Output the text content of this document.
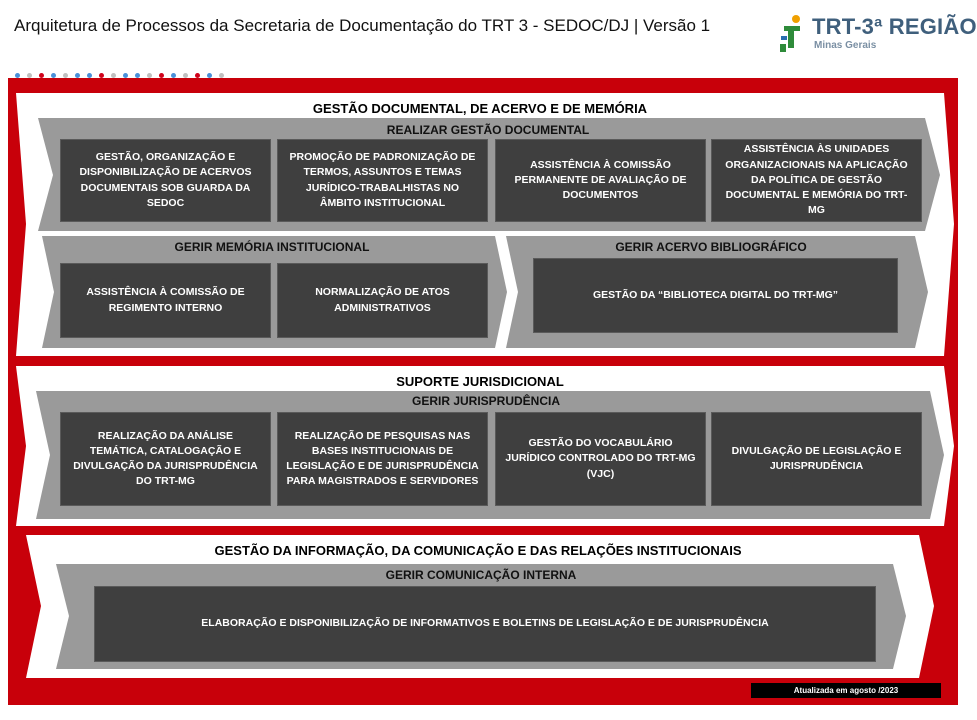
Arquitetura de Processos da Secretaria de Documentação do TRT 3 - SEDOC/DJ | Versão 1	TRT-3ª REGIÃO
Minas Gerais
GESTÃO DOCUMENTAL, DE ACERVO E DE MEMÓRIA
SUPORTE JURISDICIONAL
GESTÃO DA INFORMAÇÃO, DA COMUNICAÇÃO E DAS RELAÇÕES INSTITUCIONAIS
REALIZAR GESTÃO DOCUMENTAL
GERIR MEMÓRIA INSTITUCIONAL	GERIR ACERVO BIBLIOGRÁFICO
GERIR JURISPRUDÊNCIA
GERIR COMUNICAÇÃO INTERNA
GESTÃO, ORGANIZAÇÃO E DISPONIBILIZAÇÃO DE ACERVOS DOCUMENTAIS SOB GUARDA DA SEDOC
PROMOÇÃO DE PADRONIZAÇÃO DE TERMOS, ASSUNTOS E TEMAS JURÍDICO-TRABALHISTAS NO ÂMBITO INSTITUCIONAL
ASSISTÊNCIA À COMISSÃO PERMANENTE DE AVALIAÇÃO DE DOCUMENTOS
ASSISTÊNCIA ÀS UNIDADES ORGANIZACIONAIS NA APLICAÇÃO DA POLÍTICA DE GESTÃO DOCUMENTAL E MEMÓRIA DO TRT-MG
ASSISTÊNCIA À COMISSÃO DE REGIMENTO INTERNO
NORMALIZAÇÃO DE ATOS ADMINISTRATIVOS
GESTÃO DA “BIBLIOTECA DIGITAL DO TRT-MG”
REALIZAÇÃO DA ANÁLISE TEMÁTICA, CATALOGAÇÃO E DIVULGAÇÃO DA JURISPRUDÊNCIA DO TRT-MG
REALIZAÇÃO DE PESQUISAS NAS BASES INSTITUCIONAIS DE LEGISLAÇÃO E DE JURISPRUDÊNCIA PARA MAGISTRADOS E SERVIDORES
GESTÃO DO VOCABULÁRIO JURÍDICO CONTROLADO DO TRT-MG (VJC)
DIVULGAÇÃO DE LEGISLAÇÃO E JURISPRUDÊNCIA
ELABORAÇÃO E DISPONIBILIZAÇÃO DE INFORMATIVOS E BOLETINS DE LEGISLAÇÃO E DE JURISPRUDÊNCIA
Atualizada em agosto /2023
